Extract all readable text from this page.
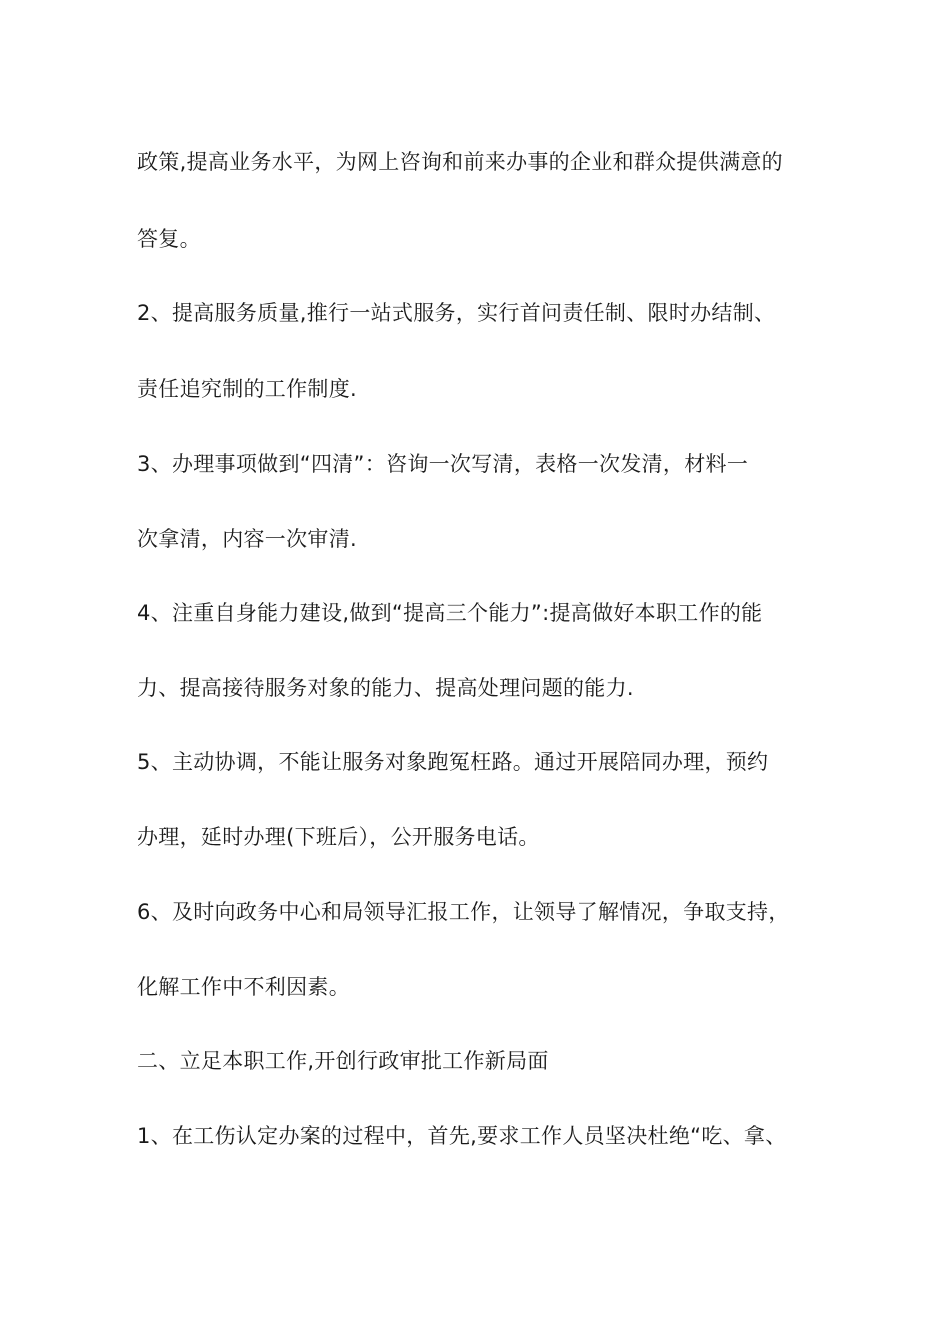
政策,提高业务水平，为网上咨询和前来办事的企业和群众提供满意的
答复。
2、提高服务质量,推行一站式服务，实行首问责任制、限时办结制、
责任追究制的工作制度.
3、办理事项做到“四清”：咨询一次写清，表格一次发清，材料一
次拿清，内容一次审清.
4、注重自身能力建设,做到“提高三个能力”:提高做好本职工作的能
力、提高接待服务对象的能力、提高处理问题的能力.
5、主动协调，不能让服务对象跑冤枉路。通过开展陪同办理，预约
办理，延时办理(下班后），公开服务电话。
6、及时向政务中心和局领导汇报工作，让领导了解情况，争取支持，
化解工作中不利因素。
二、立足本职工作,开创行政审批工作新局面
1、在工伤认定办案的过程中，首先,要求工作人员坚决杜绝“吃、拿、
